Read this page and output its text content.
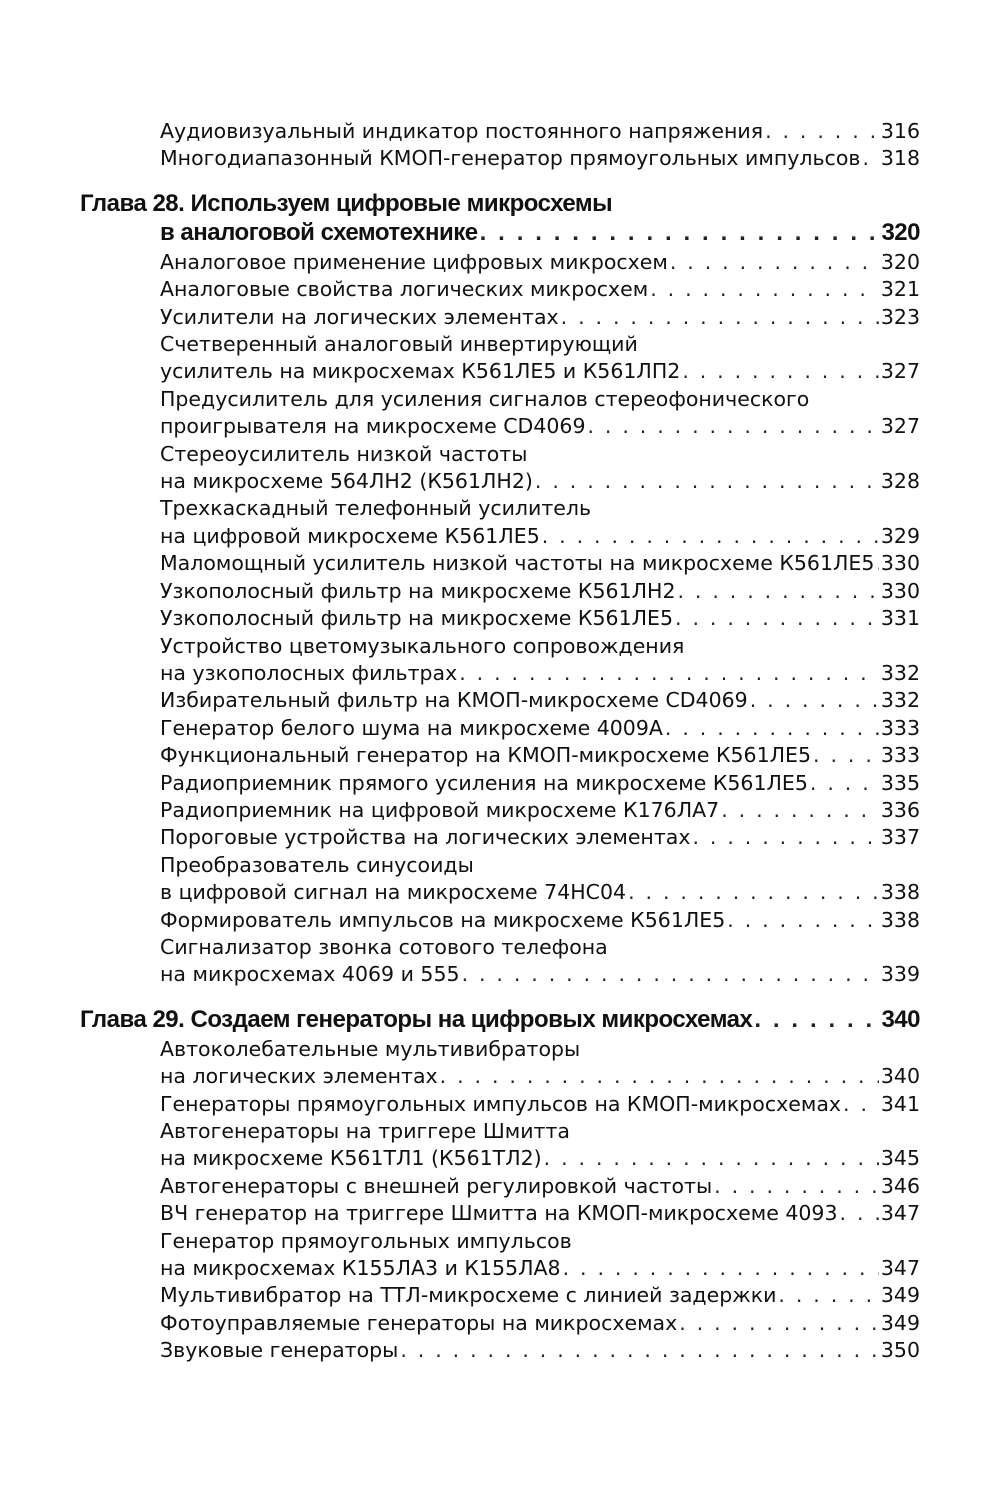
Аудиовизуальный индикатор постоянного напряжения . . .	316
Многодиапазонный КМОП-генератор прямоугольных импульсов . . . 318
Глава 28. Используем цифровые микросхемы
в аналоговой схемотехнике . . .	320
Аналоговое применение цифровых микросхем . . .	320
Аналоговые свойства логических микросхем . . .	321
Усилители на логических элементах . . .	323
Счетверенный аналоговый инвертирующий
усилитель на микросхемах К561ЛЕ5 и К561ЛП2 . . .	327
Предусилитель для усиления сигналов стереофонического
проигрывателя на микросхеме CD4069 . . .	327
Стереоусилитель низкой частоты
на микросхеме 564ЛН2 (К561ЛН2) . . .	328
Трехкаскадный телефонный усилитель
на цифровой микросхеме К561ЛЕ5 . . .	329
Маломощный усилитель низкой частоты на микросхеме К561ЛЕ5 . . . 330
Узкополосный фильтр на микросхеме К561ЛН2 . . .	330
Узкополосный фильтр на микросхеме К561ЛЕ5 . . .	331
Устройство цветомузыкального сопровождения
на узкополосных фильтрах . . .	332
Избирательный фильтр на КМОП-микросхеме CD4069 . . .	332
Генератор белого шума на микросхеме 4009A . . .	333
Функциональный генератор на КМОП-микросхеме К561ЛЕ5 . . .	333
Радиоприемник прямого усиления на микросхеме К561ЛЕ5 . . .	335
Радиоприемник на цифровой микросхеме К176ЛА7 . . .	336
Пороговые устройства на логических элементах . . .	337
Преобразователь синусоиды
в цифровой сигнал на микросхеме 74HC04 . . .	338
Формирователь импульсов на микросхеме К561ЛЕ5 . . .	338
Сигнализатор звонка сотового телефона
на микросхемах 4069 и 555 . . .	339
Глава 29. Создаем генераторы на цифровых микросхемах . . .	340
Автоколебательные мультивибраторы
на логических элементах . . .	340
Генераторы прямоугольных импульсов на КМОП-микросхемах . . . 341
Автогенераторы на триггере Шмитта
на микросхеме К561ТЛ1 (К561ТЛ2) . . .	345
Автогенераторы с внешней регулировкой частоты . . .	346
ВЧ генератор на триггере Шмитта на КМОП-микросхеме 4093 . . . 347
Генератор прямоугольных импульсов
на микросхемах К155ЛА3 и К155ЛА8 . . .	347
Мультивибратор на ТТЛ-микросхеме с линией задержки . . .	349
Фотоуправляемые генераторы на микросхемах . . .	349
Звуковые генераторы . . .	350
